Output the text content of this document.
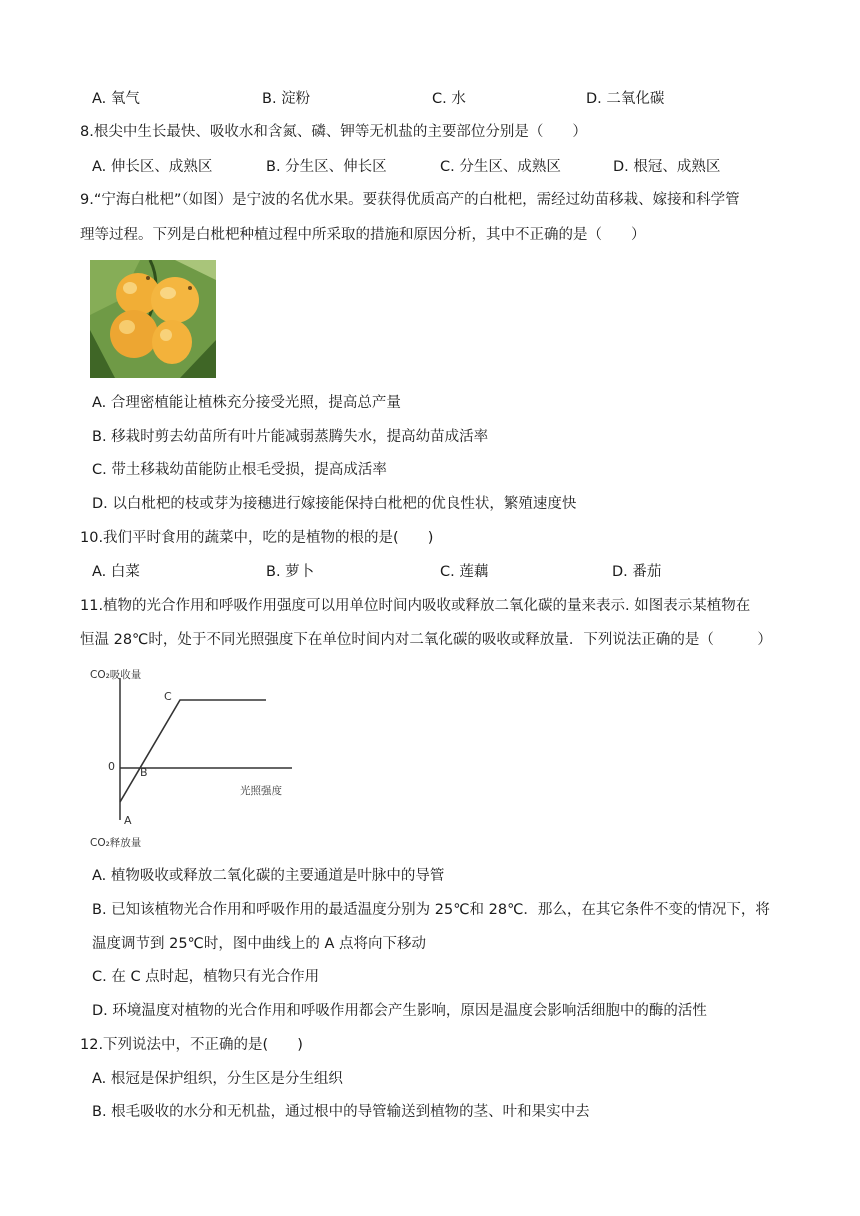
A. 氧气	B. 淀粉	C. 水	D. 二氧化碳
8.根尖中生长最快、吸收水和含氮、磷、钾等无机盐的主要部位分别是（　　）
A. 伸长区、成熟区	B. 分生区、伸长区	C. 分生区、成熟区	D. 根冠、成熟区
9.“宁海白枇杷”（如图）是宁波的名优水果。要获得优质高产的白枇杷，需经过幼苗移栽、嫁接和科学管
理等过程。下列是白枇杷种植过程中所采取的措施和原因分析，其中不正确的是（　　）
A. 合理密植能让植株充分接受光照，提高总产量
B. 移栽时剪去幼苗所有叶片能减弱蒸腾失水，提高幼苗成活率
C. 带土移栽幼苗能防止根毛受损，提高成活率
D. 以白枇杷的枝或芽为接穗进行嫁接能保持白枇杷的优良性状，繁殖速度快
10.我们平时食用的蔬菜中，吃的是植物的根的是(　　)
A. 白菜	B. 萝卜	C. 莲藕	D. 番茄
11.植物的光合作用和呼吸作用强度可以用单位时间内吸收或释放二氧化碳的量来表示. 如图表示某植物在
恒温 28℃时，处于不同光照强度下在单位时间内对二氧化碳的吸收或释放量．下列说法正确的是（　　　）
CO₂吸收量
CO₂释放量
光照强度
0
A
B
C
A. 植物吸收或释放二氧化碳的主要通道是叶脉中的导管
B. 已知该植物光合作用和呼吸作用的最适温度分别为 25℃和 28℃．那么，在其它条件不变的情况下，将
温度调节到 25℃时，图中曲线上的 A 点将向下移动
C. 在 C 点时起，植物只有光合作用
D. 环境温度对植物的光合作用和呼吸作用都会产生影响，原因是温度会影响活细胞中的酶的活性
12.下列说法中，不正确的是(　　)
A. 根冠是保护组织，分生区是分生组织
B. 根毛吸收的水分和无机盐，通过根中的导管输送到植物的茎、叶和果实中去
